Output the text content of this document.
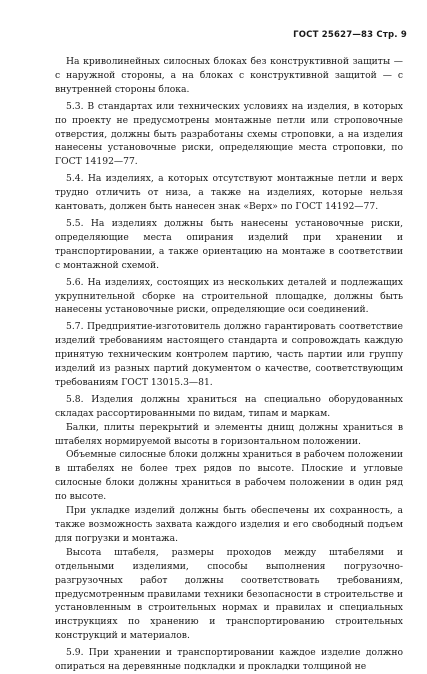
ГОСТ 25627—83 Стр. 9

На криволинейных силосных блоках без конструктивной защиты — с наружной стороны, а на блоках с конструктивной защитой — с внутренней стороны блока.

5.3. В стандартах или технических условиях на изделия, в которых по проекту не предусмотрены монтажные петли или строповочные отверстия, должны быть разработаны схемы строповки, а на изделия нанесены установочные риски, определяющие места строповки, по ГОСТ 14192—77.

5.4. На изделиях, а которых отсутствуют монтажные петли и верх трудно отличить от низа, а также на изделиях, которые нельзя кантовать, должен быть нанесен знак «Верх» по ГОСТ 14192—77.

5.5. На изделиях должны быть нанесены установочные риски, определяющие места опирания изделий при хранении и транспортировании, а также ориентацию на монтаже в соответствии с монтажной схемой.

5.6. На изделиях, состоящих из нескольких деталей и подлежащих укрупнительной сборке на строительной площадке, должны быть нанесены установочные риски, определяющие оси соединений.

5.7. Предприятие-изготовитель должно гарантировать соответствие изделий требованиям настоящего стандарта и сопровождать каждую принятую техническим контролем партию, часть партии или группу изделий из разных партий документом о качестве, соответствующим требованиям ГОСТ 13015.3—81.

5.8. Изделия должны храниться на специально оборудованных складах рассортированными по видам, типам и маркам.

Балки, плиты перекрытий и элементы днищ должны храниться в штабелях нормируемой высоты в горизонтальном положении.

Объемные силосные блоки должны храниться в рабочем положении в штабелях не более трех рядов по высоте. Плоские и угловые силосные блоки должны храниться в рабочем положении в один ряд по высоте.

При укладке изделий должны быть обеспечены их сохранность, а также возможность захвата каждого изделия и его свободный подъем для погрузки и монтажа.

Высота штабеля, размеры проходов между штабелями и отдельными изделиями, способы выполнения погрузочно-разгрузочных работ должны соответствовать требованиям, предусмотренным правилами техники безопасности в строительстве и установленным в строительных нормах и правилах и специальных инструкциях по хранению и транспортированию строительных конструкций и материалов.

5.9. При хранении и транспортировании каждое изделие должно опираться на деревянные подкладки и прокладки толщиной не
